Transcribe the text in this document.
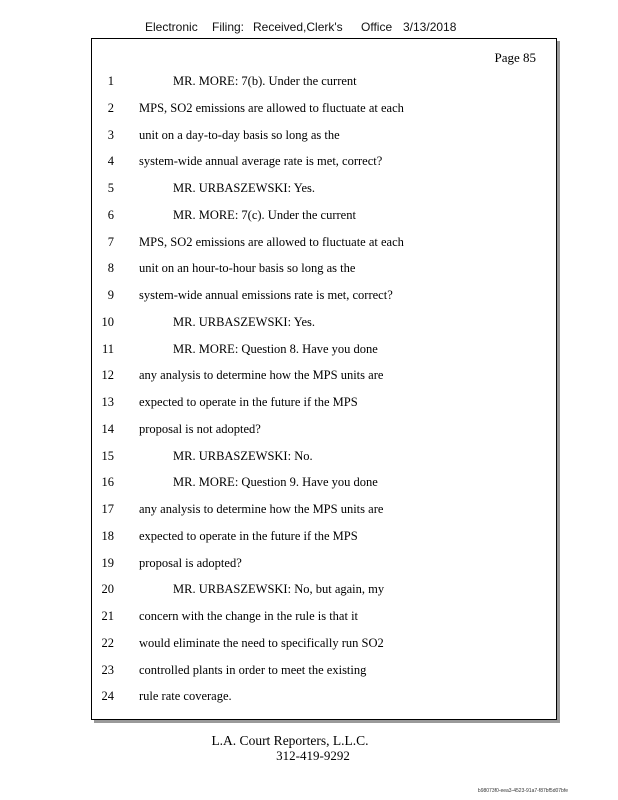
Electronic Filing: Received,Clerk's Office 3/13/2018
Page 85
1	MR. MORE: 7(b). Under the current
2 MPS, SO2 emissions are allowed to fluctuate at each
3 unit on a day-to-day basis so long as the
4 system-wide annual average rate is met, correct?
5	MR. URBASZEWSKI: Yes.
6	MR. MORE: 7(c). Under the current
7 MPS, SO2 emissions are allowed to fluctuate at each
8 unit on an hour-to-hour basis so long as the
9 system-wide annual emissions rate is met, correct?
10	MR. URBASZEWSKI: Yes.
11	MR. MORE: Question 8. Have you done
12 any analysis to determine how the MPS units are
13 expected to operate in the future if the MPS
14 proposal is not adopted?
15	MR. URBASZEWSKI: No.
16	MR. MORE: Question 9. Have you done
17 any analysis to determine how the MPS units are
18 expected to operate in the future if the MPS
19 proposal is adopted?
20	MR. URBASZEWSKI: No, but again, my
21 concern with the change in the rule is that it
22 would eliminate the need to specifically run SO2
23 controlled plants in order to meet the existing
24 rule rate coverage.
L.A. Court Reporters, L.L.C.
312-419-9292
b98073f0-eea3-4523-91a7-f87bf5d07bfe
